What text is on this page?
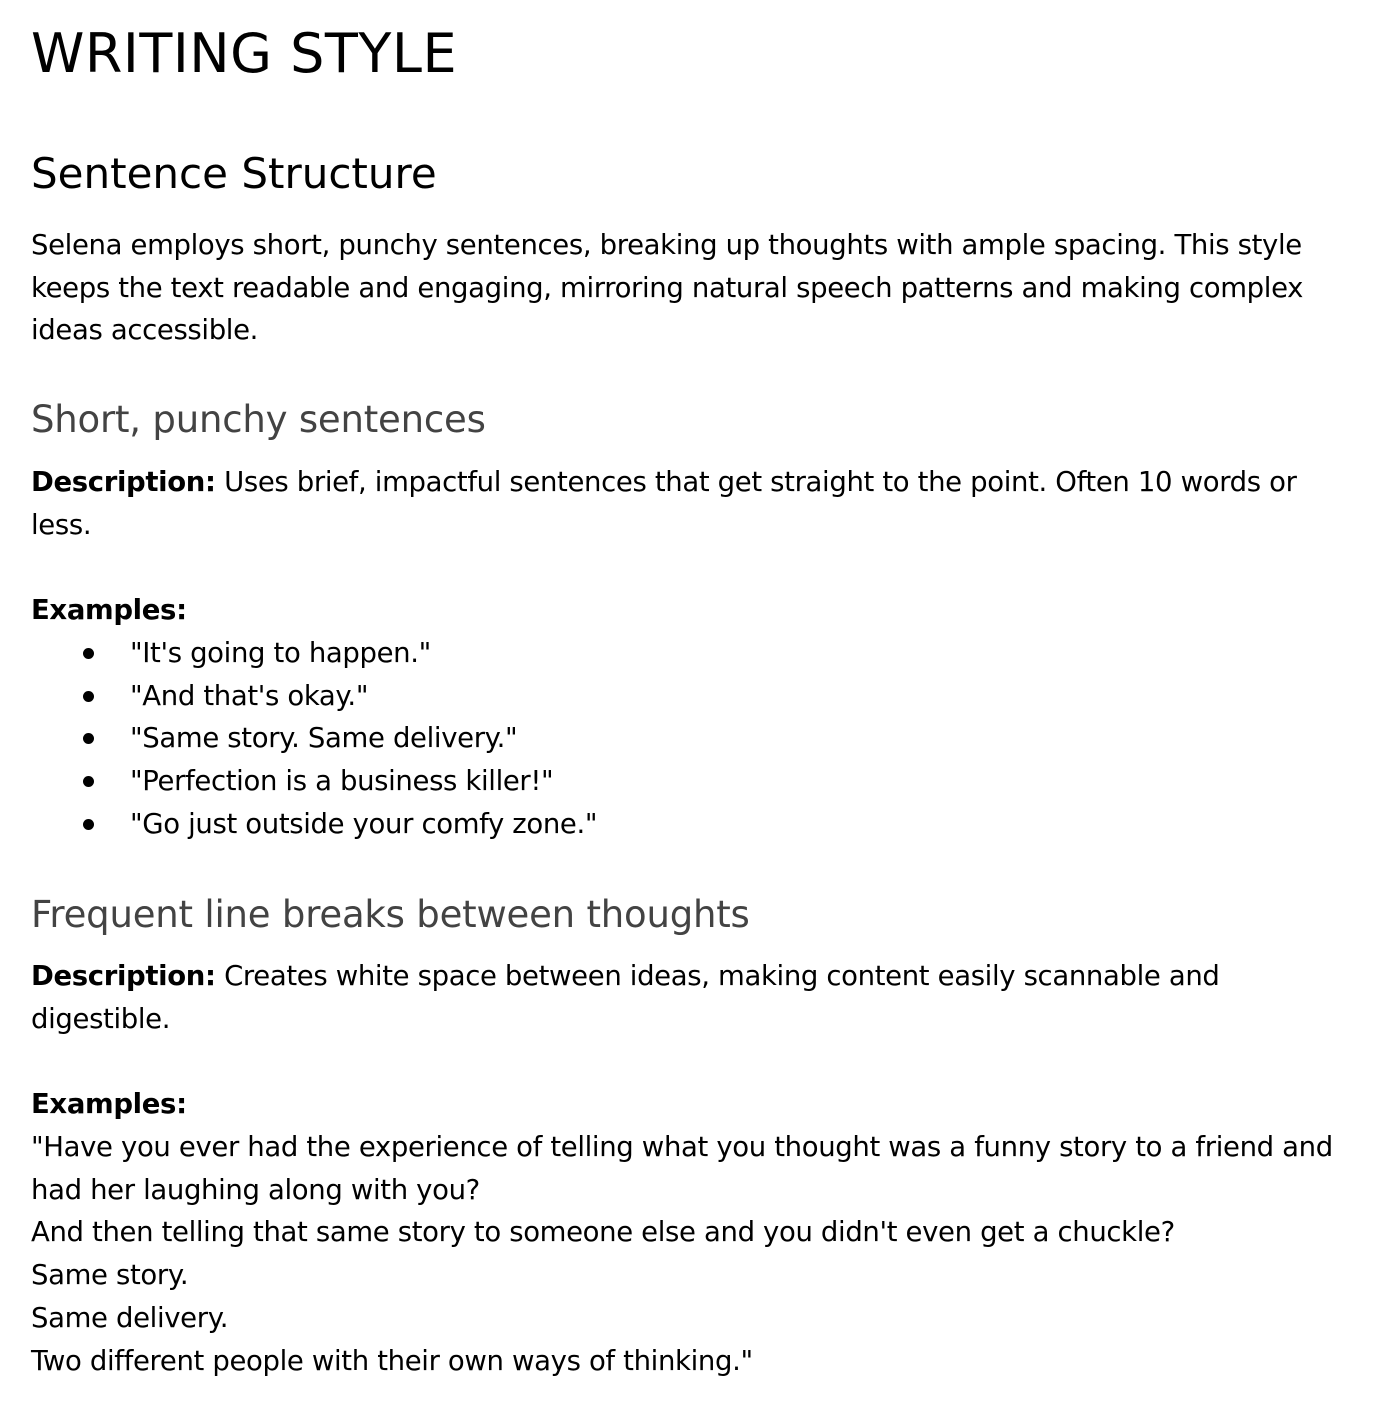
WRITING STYLE
Sentence Structure

Selena employs short, punchy sentences, breaking up thoughts with ample spacing. This style keeps the text readable and engaging, mirroring natural speech patterns and making complex ideas accessible.

Short, punchy sentences

Description: Uses brief, impactful sentences that get straight to the point. Often 10 words or less.

Examples:

"It's going to happen."
"And that's okay."
"Same story. Same delivery."
"Perfection is a business killer!"
"Go just outside your comfy zone."
Frequent line breaks between thoughts

Description: Creates white space between ideas, making content easily scannable and digestible.

Examples:

"Have you ever had the experience of telling what you thought was a funny story to a friend and had her laughing along with you?
And then telling that same story to someone else and you didn't even get a chuckle?
Same story.
Same delivery.
Two different people with their own ways of thinking."
